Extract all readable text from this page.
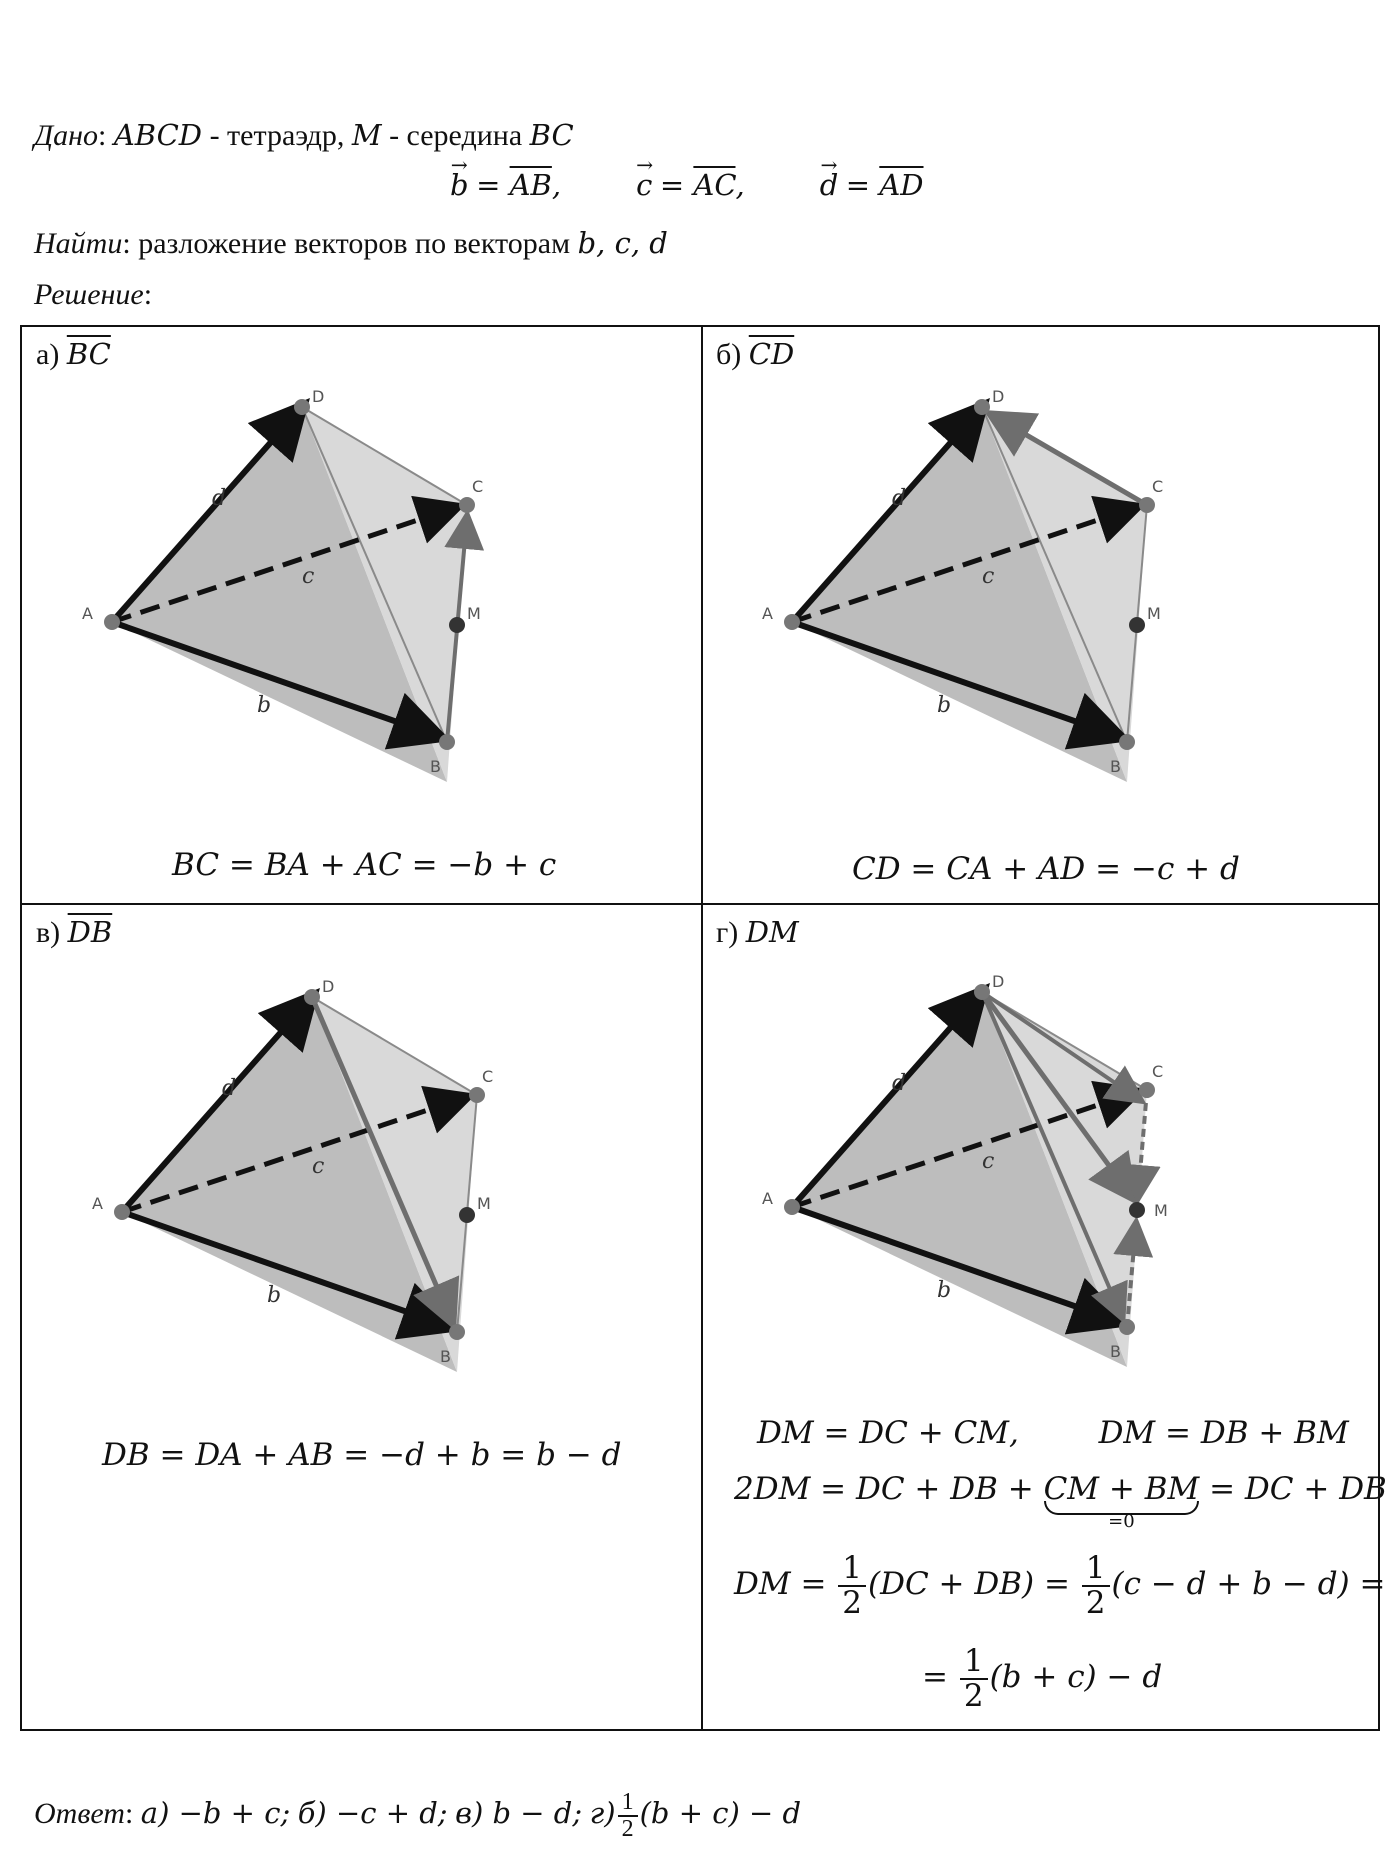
Дано: ABCD - тетраэдр, M - середина BC
→ $b = \overline{AB}$,	→ $c = \overline{AC}$,	→ $d = \overline{AD}$
Найти: разложение векторов по векторам b, c, d
Решение:
а) $\overline{BC}$
A
D
C
B
M
d
c
b
BC = BA + AC = −b + c
б) $\overline{CD}$
A
D
C
B
M
d
c
b
CD = CA + AD = −c + d
в) $\overline{DB}$
A
D
C
B
M
d
c
b
DB = DA + AB = −d + b = b − d
г) DM
A
D
C
B
M
d
c
b
DM = DC + CM,	DM = DB + BM
2DM = DC + DB + CM + BM
=0
= DC + DB
DM = $\frac{1}{2} (DC + DB) = \frac{1}{2} (c - d + b - d)$ =
= $\frac{1}{2} (b + c) - d$
Ответ: а) −b + c; б) −c + d; в) b − d; $г) \frac{1}{2} (b + c) - d$
